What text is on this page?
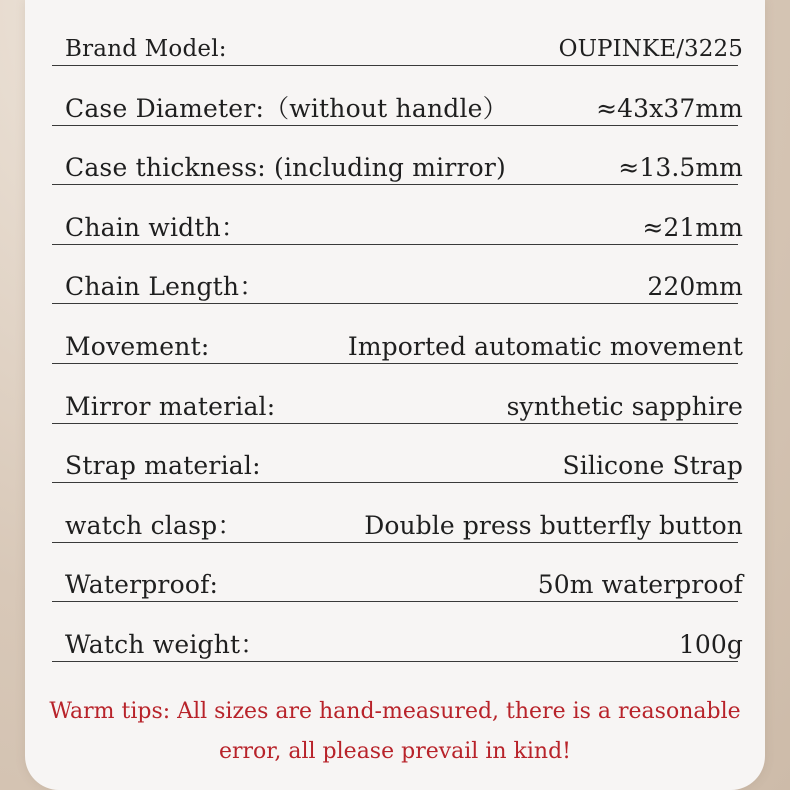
Brand Model:	OUPINKE/3225
Case Diameter:（without handle）	≈43x37mm
Case thickness: (including mirror)	≈13.5mm
Chain width：	≈21mm
Chain Length：	220mm
Movement:	Imported automatic movement
Mirror material:	synthetic sapphire
Strap material:	Silicone Strap
watch clasp：	Double press butterfly button
Waterproof:	50m waterproof
Watch weight：	100g
Warm tips: All sizes are hand-measured, there is a reasonable
error, all please prevail in kind!
